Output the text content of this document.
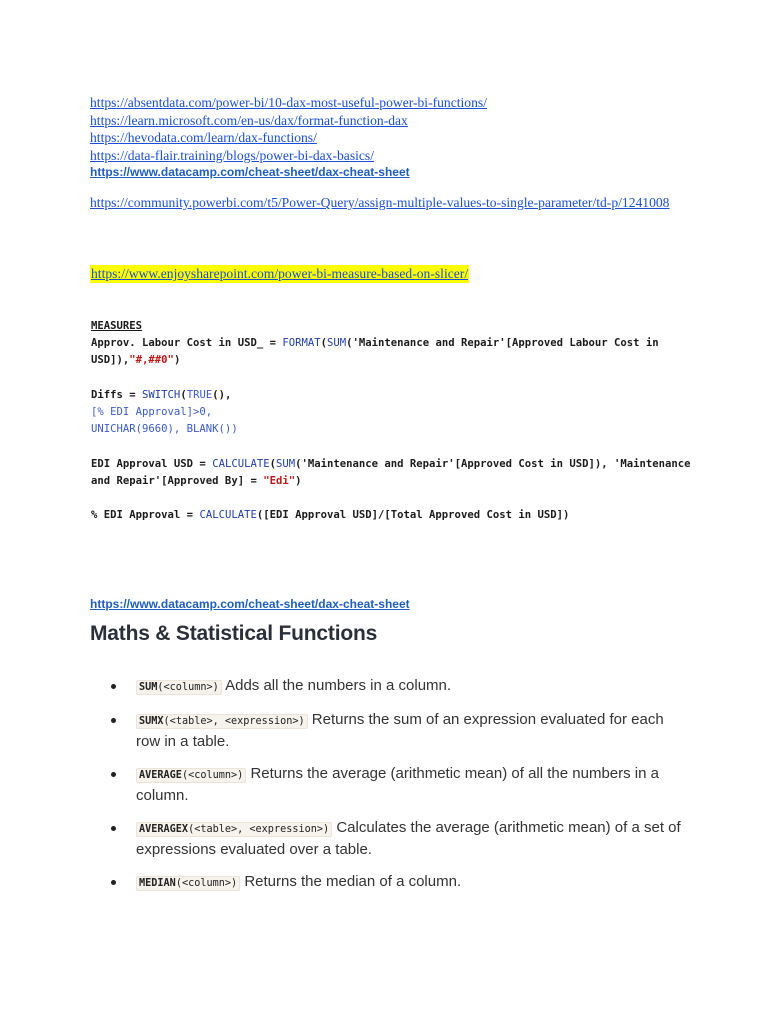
https://absentdata.com/power-bi/10-dax-most-useful-power-bi-functions/
https://learn.microsoft.com/en-us/dax/format-function-dax
https://hevodata.com/learn/dax-functions/
https://data-flair.training/blogs/power-bi-dax-basics/
https://www.datacamp.com/cheat-sheet/dax-cheat-sheet
https://community.powerbi.com/t5/Power-Query/assign-multiple-values-to-single-parameter/td-p/1241008
https://www.enjoysharepoint.com/power-bi-measure-based-on-slicer/
MEASURES
Approv. Labour Cost in USD_ = FORMAT(SUM('Maintenance and Repair'[Approved Labour Cost in
USD]),"#,##0")
Diffs = SWITCH(TRUE(),
[% EDI Approval]>0,
UNICHAR(9660), BLANK())
EDI Approval USD = CALCULATE(SUM('Maintenance and Repair'[Approved Cost in USD]), 'Maintenance
and Repair'[Approved By] = "Edi")
% EDI Approval = CALCULATE([EDI Approval USD]/[Total Approved Cost in USD])
https://www.datacamp.com/cheat-sheet/dax-cheat-sheet
Maths & Statistical Functions
SUM(<column>) Adds all the numbers in a column.
SUMX(<table>, <expression>) Returns the sum of an expression evaluated for each row in a table.
AVERAGE(<column>) Returns the average (arithmetic mean) of all the numbers in a column.
AVERAGEX(<table>, <expression>) Calculates the average (arithmetic mean) of a set of expressions evaluated over a table.
MEDIAN(<column>) Returns the median of a column.
